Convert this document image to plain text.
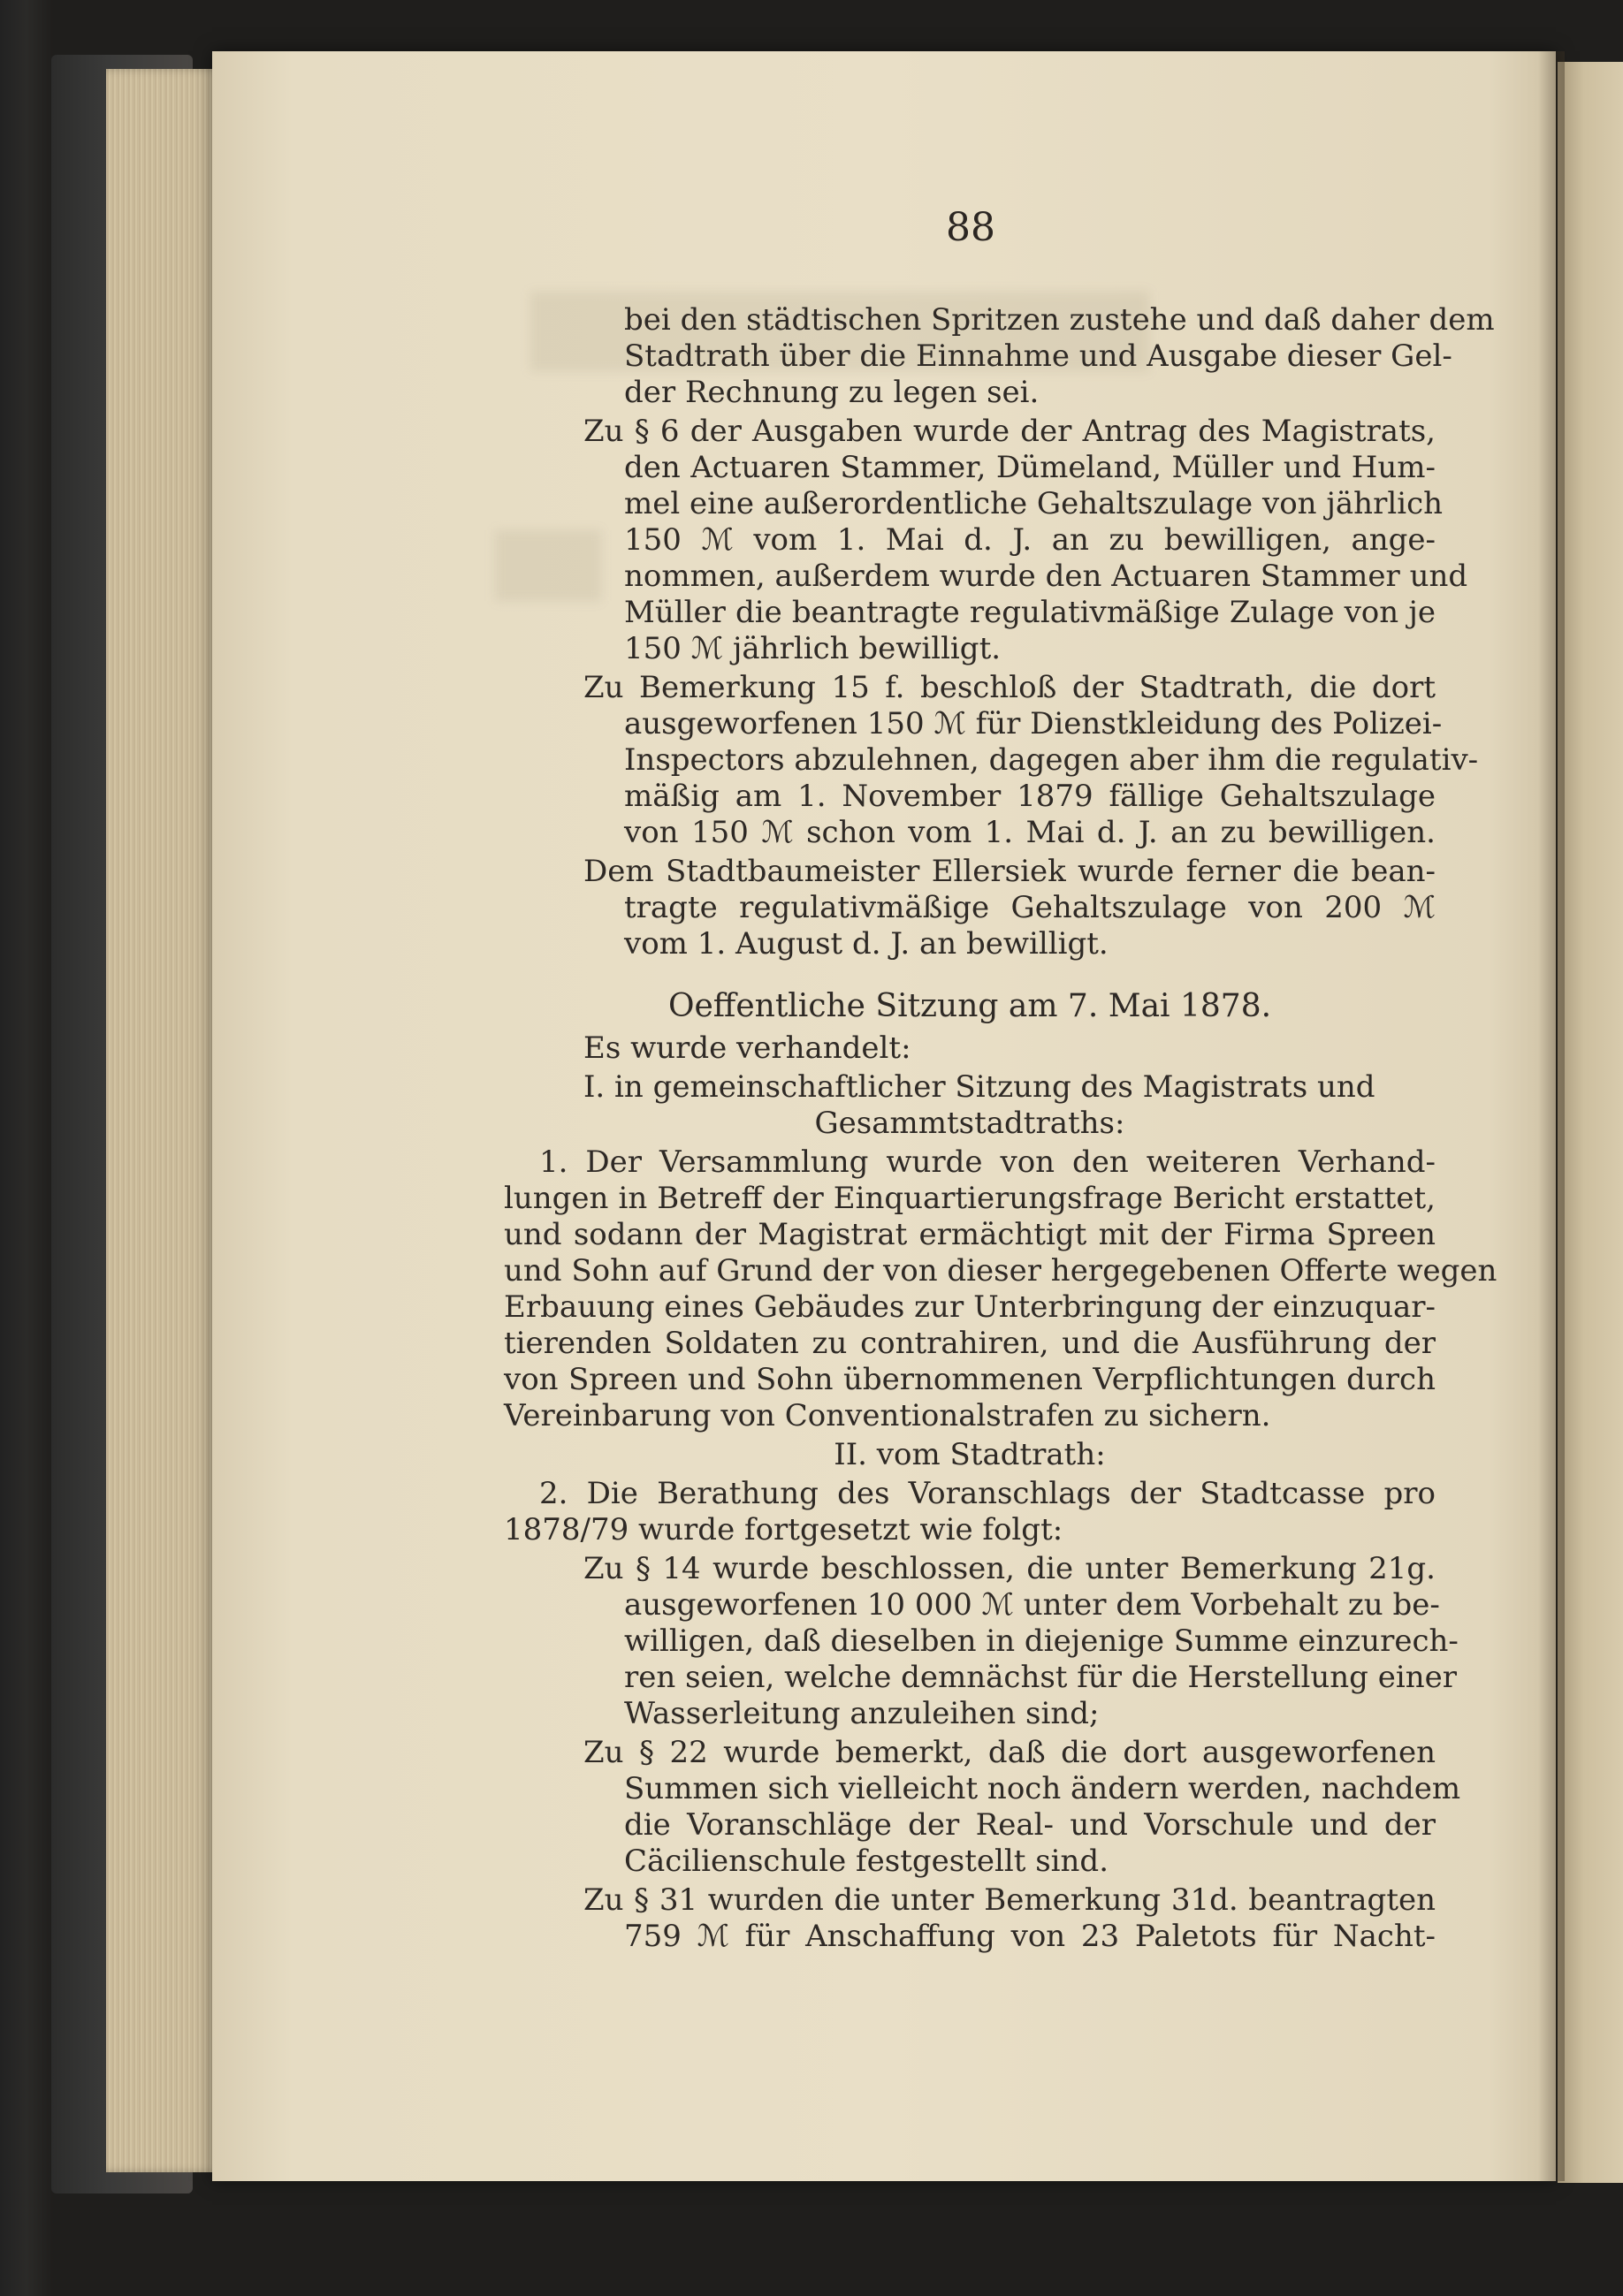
88
bei den städtischen Spritzen zustehe und daß daher dem
Stadtrath über die Einnahme und Ausgabe dieser Gel-
der Rechnung zu legen sei.
Zu § 6 der Ausgaben wurde der Antrag des Magistrats,
den Actuaren Stammer, Dümeland, Müller und Hum-
mel eine außerordentliche Gehaltszulage von jährlich
150 ℳ vom 1. Mai d. J. an zu bewilligen, ange-
nommen, außerdem wurde den Actuaren Stammer und
Müller die beantragte regulativmäßige Zulage von je
150 ℳ jährlich bewilligt.
Zu Bemerkung 15 f. beschloß der Stadtrath, die dort
ausgeworfenen 150 ℳ für Dienstkleidung des Polizei-
Inspectors abzulehnen, dagegen aber ihm die regulativ-
mäßig am 1. November 1879 fällige Gehaltszulage
von 150 ℳ schon vom 1. Mai d. J. an zu bewilligen.
Dem Stadtbaumeister Ellersiek wurde ferner die bean-
tragte regulativmäßige Gehaltszulage von 200 ℳ
vom 1. August d. J. an bewilligt.
Oeffentliche Sitzung am 7. Mai 1878.
Es wurde verhandelt:
I. in gemeinschaftlicher Sitzung des Magistrats und
Gesammtstadtraths:
1. Der Versammlung wurde von den weiteren Verhand-
lungen in Betreff der Einquartierungsfrage Bericht erstattet,
und sodann der Magistrat ermächtigt mit der Firma Spreen
und Sohn auf Grund der von dieser hergegebenen Offerte wegen
Erbauung eines Gebäudes zur Unterbringung der einzuquar-
tierenden Soldaten zu contrahiren, und die Ausführung der
von Spreen und Sohn übernommenen Verpflichtungen durch
Vereinbarung von Conventionalstrafen zu sichern.
II. vom Stadtrath:
2. Die Berathung des Voranschlags der Stadtcasse pro
1878/79 wurde fortgesetzt wie folgt:
Zu § 14 wurde beschlossen, die unter Bemerkung 21g.
ausgeworfenen 10 000 ℳ unter dem Vorbehalt zu be-
willigen, daß dieselben in diejenige Summe einzurech-
ren seien, welche demnächst für die Herstellung einer
Wasserleitung anzuleihen sind;
Zu § 22 wurde bemerkt, daß die dort ausgeworfenen
Summen sich vielleicht noch ändern werden, nachdem
die Voranschläge der Real- und Vorschule und der
Cäcilienschule festgestellt sind.
Zu § 31 wurden die unter Bemerkung 31d. beantragten
759 ℳ für Anschaffung von 23 Paletots für Nacht-
